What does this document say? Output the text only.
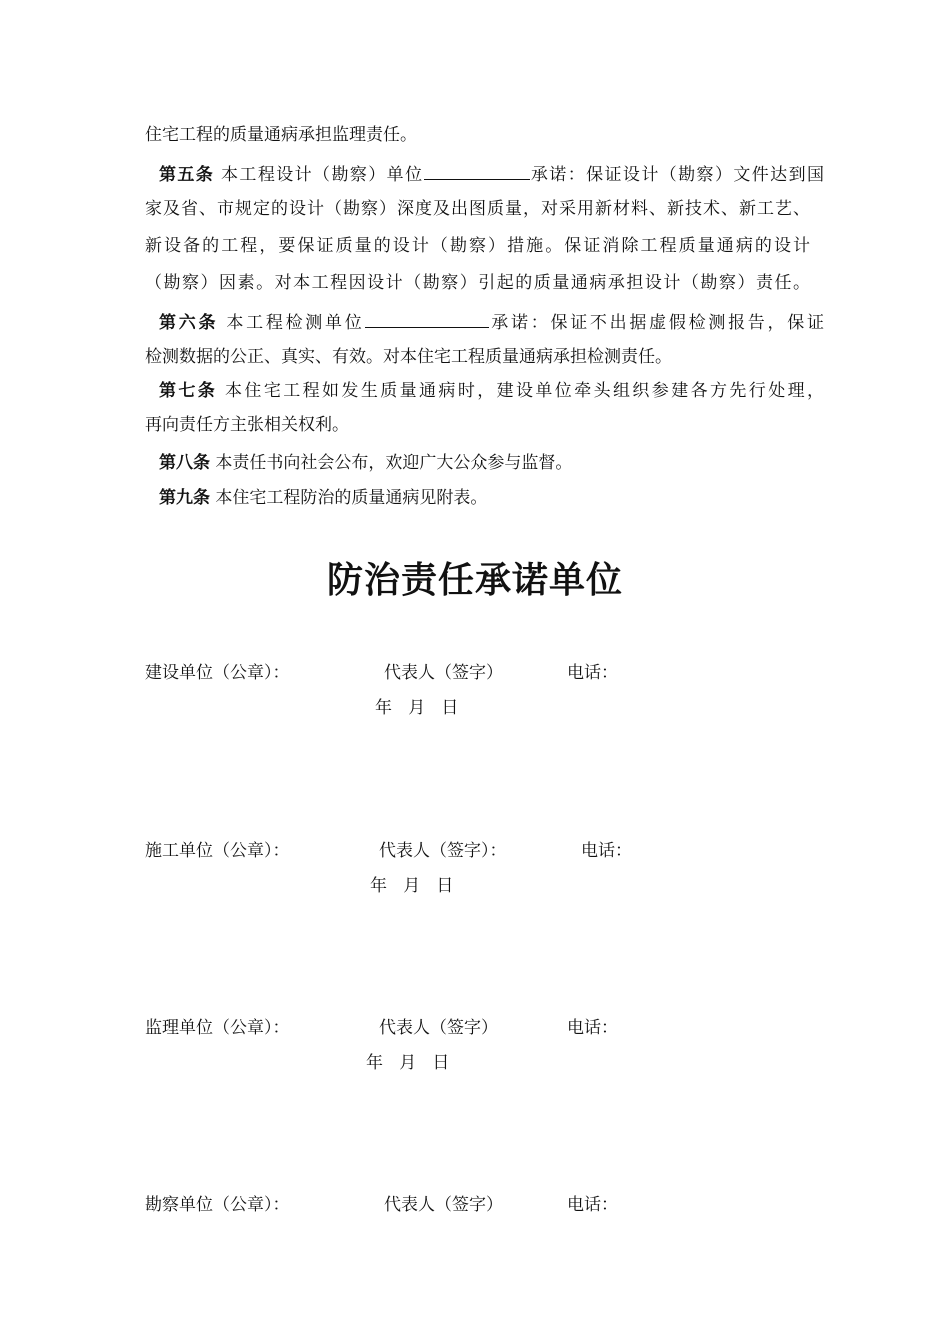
住宅工程的质量通病承担监理责任。
第五条 本工程设计（勘察）单位	承诺：保证设计（勘察）文件达到国
家及省、市规定的设计（勘察）深度及出图质量，对采用新材料、新技术、新工艺、
新设备的工程，要保证质量的设计（勘察）措施。保证消除工程质量通病的设计
（勘察）因素。对本工程因设计（勘察）引起的质量通病承担设计（勘察）责任。
第六条 本工程检测单位	承诺：保证不出据虚假检测报告，保证
检测数据的公正、真实、有效。对本住宅工程质量通病承担检测责任。
第七条 本住宅工程如发生质量通病时，建设单位牵头组织参建各方先行处理，
再向责任方主张相关权利。
第八条 本责任书向社会公布，欢迎广大公众参与监督。
第九条 本住宅工程防治的质量通病见附表。
防治责任承诺单位
建设单位（公章）：	代表人（签字）	电话：
年   月   日
施工单位（公章）：	代表人（签字）：	电话：
年   月   日
监理单位（公章）：	代表人（签字）	电话：
年   月   日
勘察单位（公章）：	代表人（签字）	电话：
